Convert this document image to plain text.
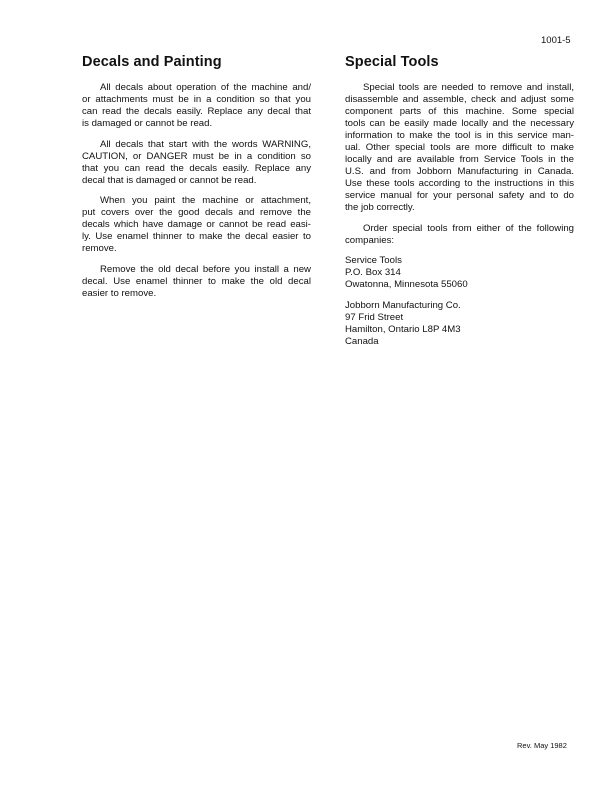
1001-5
Decals and Painting
All decals about operation of the machine and/
or attachments must be in a condition so that you
can read the decals easily. Replace any decal that
is damaged or cannot be read.
All decals that start with the words WARNING,
CAUTION, or DANGER must be in a condition so
that you can read the decals easily. Replace any
decal that is damaged or cannot be read.
When you paint the machine or attachment,
put covers over the good decals and remove the
decals which have damage or cannot be read easi-
ly. Use enamel thinner to make the decal easier to
remove.
Remove the old decal before you install a new
decal. Use enamel thinner to make the old decal
easier to remove.
Special Tools
Special tools are needed to remove and install,
disassemble and assemble, check and adjust some
component parts of this machine. Some special
tools can be easily made locally and the necessary
information to make the tool is in this service man-
ual. Other special tools are more difficult to make
locally and are available from Service Tools in the
U.S. and from Jobborn Manufacturing in Canada.
Use these tools according to the instructions in this
service manual for your personal safety and to do
the job correctly.
Order special tools from either of the following
companies:
Service Tools
P.O. Box 314
Owatonna, Minnesota 55060
Jobborn Manufacturing Co.
97 Frid Street
Hamilton, Ontario L8P 4M3
Canada
Rev. May 1982
